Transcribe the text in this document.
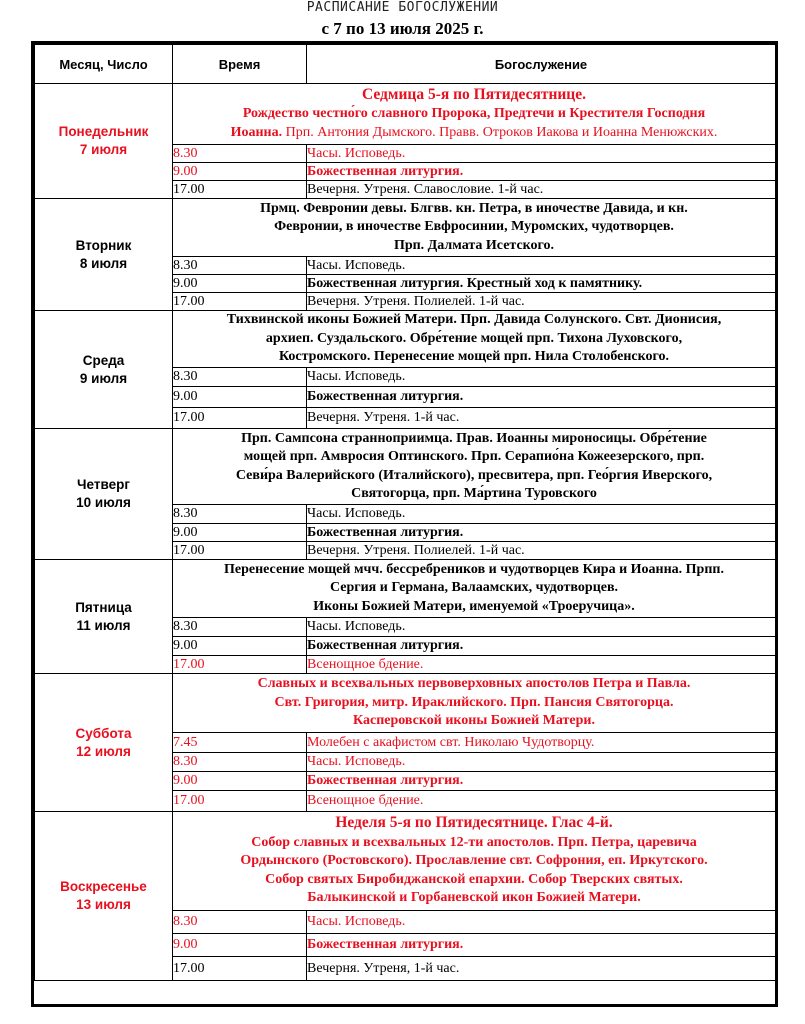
РАСПИСАНИЕ БОГОСЛУЖЕНИЙ
с 7 по 13 июля 2025 г.
Месяц, Число	Время	Богослужение

Понедельник
7 июля	Седмица 5-я по Пятидесятнице.
Рождество честно́го славного Пророка, Предтечи и Крестителя Господня
Иоанна. Прп. Антония Дымского. Правв. Отроков Иакова и Иоанна Менюжских.	
	8.30	Часы. Исповедь.
	9.00	Божественная литургия.
	17.00	Вечерня. Утреня. Славословие. 1-й час.

Вторник
8 июля	Прмц. Февронии девы. Блгвв. кн. Петра, в иночестве Давида, и кн.
Февронии, в иночестве Евфросинии, Муромских, чудотворцев.
Прп. Далмата Исетского.	
	8.30	Часы. Исповедь.
	9.00	Божественная литургия. Крестный ход к памятнику.
	17.00	Вечерня. Утреня. Полиелей. 1-й час.

Среда
9 июля	Тихвинской иконы Божией Матери. Прп. Давида Солунского. Свт. Дионисия,
архиеп. Суздальского. Обре́тение мощей прп. Тихона Луховского,
Костромского. Перенесение мощей прп. Нила Столобенского.	
	8.30	Часы. Исповедь.
	9.00	Божественная литургия.
	17.00	Вечерня. Утреня. 1-й час.

Четверг
10 июля	Прп. Сампсона странноприимца. Прав. Иоанны мироносицы. Обре́тение
мощей прп. Амвросия Оптинского. Прп. Серапио́на Кожеезерского, прп.
Севи́ра Валерийского (Италийского), пресвитера, прп. Гео́ргия Иверского,
Святогорца, прп. Ма́ртина Туровского	
	8.30	Часы. Исповедь.
	9.00	Божественная литургия.
	17.00	Вечерня. Утреня. Полиелей. 1-й час.

Пятница
11 июля	Перенесение мощей мчч. бессребреников и чудотворцев Кира и Иоанна. Прпп.
Сергия и Германа, Валаамских, чудотворцев.
Иконы Божией Матери, именуемой «Троеручица».	
	8.30	Часы. Исповедь.
	9.00	Божественная литургия.
	17.00	Всенощное бдение.

Суббота
12 июля	Славных и всехвальных первоверховных апостолов Петра и Павла.
Свт. Григория, митр. Ираклийского. Прп. Пансия Святогорца.
Касперовской иконы Божией Матери.	
	7.45	Молебен с акафистом свт. Николаю Чудотворцу.
	8.30	Часы. Исповедь.
	9.00	Божественная литургия.
	17.00	Всенощное бдение.

Воскресенье
13 июля	Неделя 5-я по Пятидесятнице. Глас 4-й.
Собор славных и всехвальных 12-ти апостолов. Прп. Петра, царевича
Ордынского (Ростовского). Прославление свт. Софрония, еп. Иркутского.
Собор святых Биробиджанской епархии. Собор Тверских святых.
Балыкинской и Горбаневской икон Божией Матери.	
	8.30	Часы. Исповедь.
	9.00	Божественная литургия.
	17.00	Вечерня. Утреня, 1-й час.
